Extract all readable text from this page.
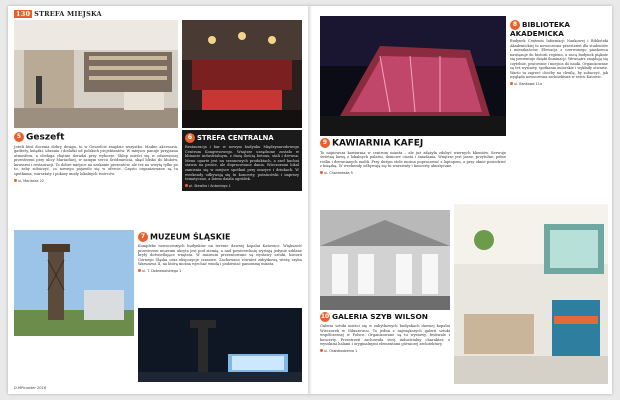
130 STREFA MIEJSKA
5 Geszeft
Jeżeli ktoś docenia dobry design, to w Geszefcie znajdzie wszystko. Modne akcesoria, gadżety, książki, ubrania i dodatki od polskich projektantów. W miejscu panuje przyjazna atmosfera, a obsługa chętnie doradzi przy wyborze. Sklep mieści się w odnowionej przestrzeni przy ulicy Mariackiej, w samym sercu Śródmieścia, skąd blisko do klubów, kawiarni i restauracji. To dobre miejsce na szukanie prezentów, ale też na wizytę tylko po to, żeby zobaczyć, co nowego pojawiło się w ofercie. Często organizowane są tu spotkania, warsztaty i pokazy mody lokalnych twórców.
ul. Mariacka 22
6 STREFA CENTRALNA
Restauracja i bar w nowym budynku Międzynarodowego Centrum Kongresowego. Wnętrze urządzone zostało w klimacie industrialnym, z dużą ilością betonu, stali i drewna. Menu oparte jest na sezonowych produktach, a szef kuchni stawia na proste, ale dopracowane dania. Wieczorami lokal zamienia się w miejsce spotkań przy muzyce i drinkach. W weekendy odbywają się tu koncerty, potańcówki i imprezy tematyczne, a latem działa ogródek.
pl. Sławika i Antoniego 1
7 MUZEUM ŚLĄSKIE
Kompleks nowoczesnych budynków na terenie dawnej kopalni Katowice. Większość przestrzeni muzeum ukryta jest pod ziemią, a nad powierzchnię wystają jedynie szklane bryły doświetlające wnętrza. W muzeum prezentowane są wystawy sztuki, historii Górnego Śląska oraz ekspozycje czasowe. Zachowano również zabytkową wieżę szybu Warszawa II, na którą można wjechać windą i podziwiać panoramę miasta.
ul. T. Dobrowolskiego 1
D.MPmaster 2016
8 BIBLIOTEKA AKADEMICKA
Budynek Centrum Informacji Naukowej i Biblioteki Akademickiej to nowoczesna przestrzeń dla studentów i mieszkańców. Elewacja z czerwonego piaskowca nawiązuje do historii regionu, a nocą budynek pięknie się prezentuje dzięki iluminacji. Wewnątrz znajdują się czytelnie, pracownie i miejsca do nauki. Organizowane są też wystawy, spotkania autorskie i wykłady otwarte. Warto tu zajrzeć choćby na chwilę, by zobaczyć, jak wygląda nowoczesna architektura w sercu Katowic.
ul. Bankowa 11a
9 KAWIARNIA KAFEJ
To najnowsza kawiarnia w centrum miasta – ale już zdążyła zdobyć wiernych klientów. Serwuje świetną kawę z lokalnych palarni, domowe ciasta i śniadania. Wnętrze jest jasne, przytulne, pełne roślin i drewnianych mebli. Przy dużym stole można popracować z laptopem, a przy oknie posiedzieć z książką. W weekendy odbywają się tu warsztaty i koncerty akustyczne.
ul. Chorzowska 5
10 GALERIA SZYB WILSON
Galeria sztuki mieści się w zabytkowych budynkach dawnej kopalni Wieczorek w Nikiszowcu. To jedna z największych galerii sztuki współczesnej w Polsce. Organizowane są tu wystawy, festiwale i koncerty. Przestrzeń zachowała swój industrialny charakter, z wysokimi halami i oryginalnymi elementami górniczej architektury.
ul. Oswobodzenia 1
